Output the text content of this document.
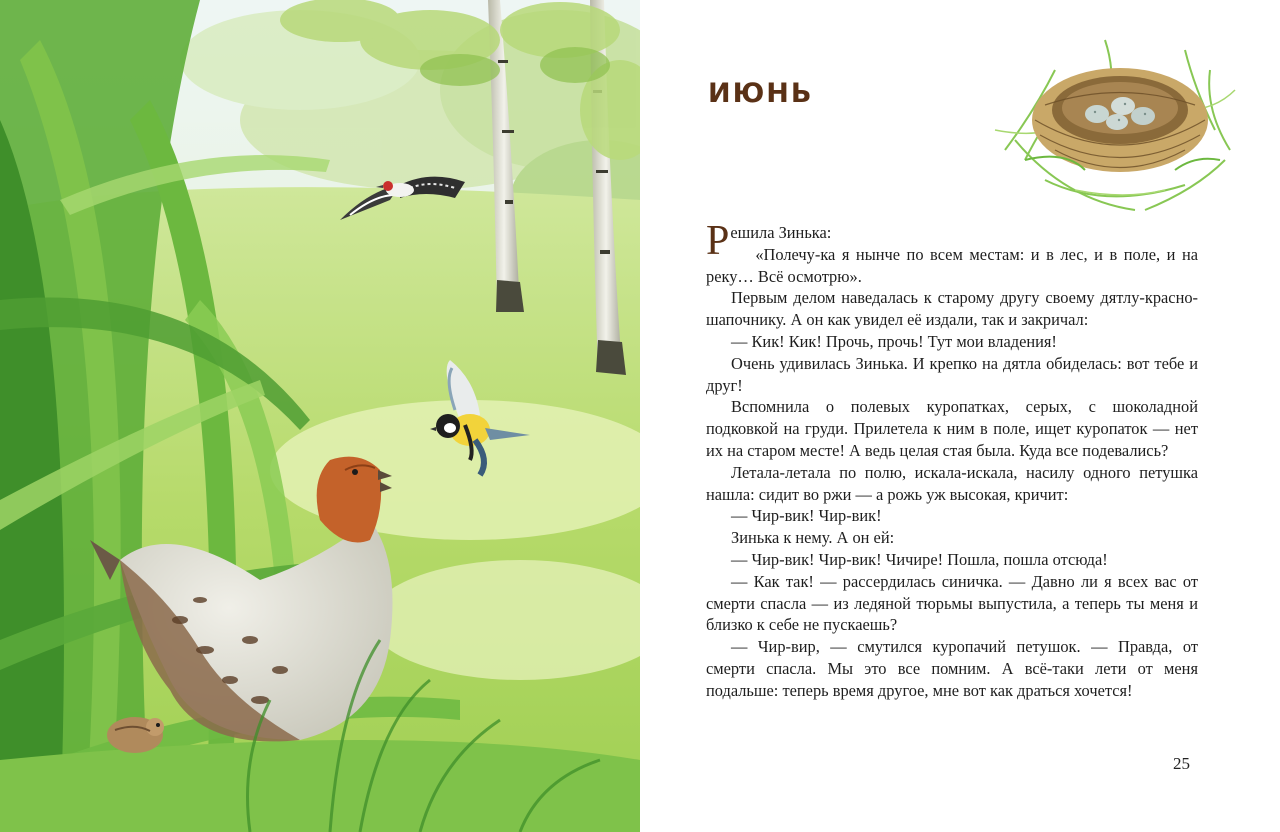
ИЮНЬ

Решила Зинька:

«Полечу-ка я нынче по всем местам: и в лес, и в поле, и на реку… Всё осмотрю».

Первым делом наведалась к старому другу своему дятлу-красношапочнику. А он как увидел её издали, так и закричал:

— Кик! Кик! Прочь, прочь! Тут мои владения!

Очень удивилась Зинька. И крепко на дятла обиделась: вот тебе и друг!

Вспомнила о полевых куропатках, серых, с шоколадной подковкой на груди. Прилетела к ним в поле, ищет куропаток — нет их на старом месте! А ведь целая стая была. Куда все подевались?

Летала-летала по полю, искала-искала, насилу одного петушка нашла: сидит во ржи — а рожь уж высокая, кричит:

— Чир-вик! Чир-вик!

Зинька к нему. А он ей:

— Чир-вик! Чир-вик! Чичире! Пошла, пошла отсюда!

— Как так! — рассердилась синичка. — Давно ли я всех вас от смерти спасла — из ледяной тюрьмы выпустила, а теперь ты меня и близко к себе не пускаешь?

— Чир-вир, — смутился куропачий петушок. — Правда, от смерти спасла. Мы это все помним. А всё-таки лети от меня подальше: теперь время другое, мне вот как драться хочется!

25
